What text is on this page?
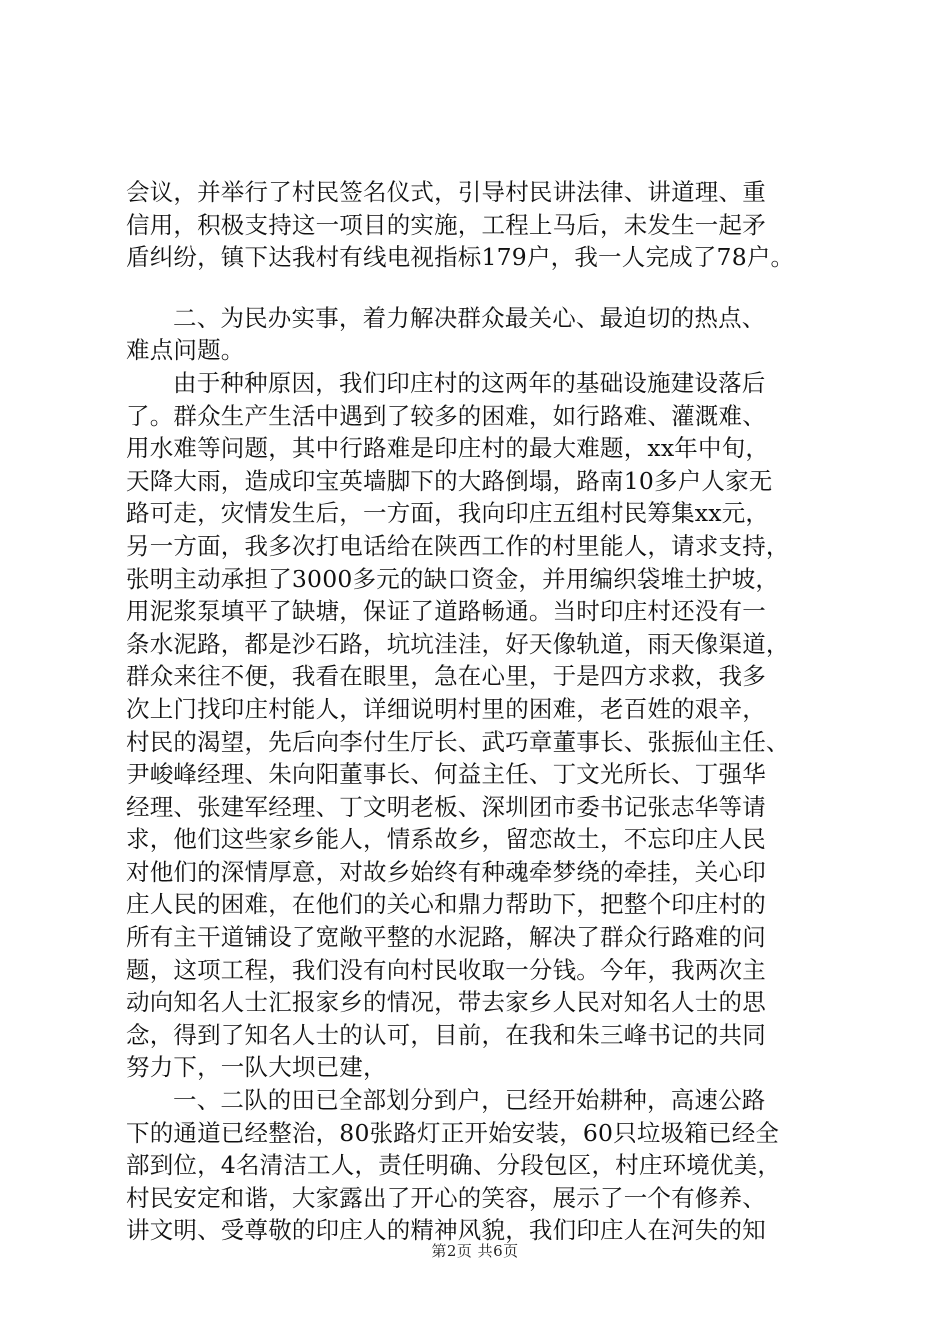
会议，并举行了村民签名仪式，引导村民讲法律、讲道理、重
信用，积极支持这一项目的实施，工程上马后，未发生一起矛
盾纠纷，镇下达我村有线电视指标179户，我一人完成了78户。
二、为民办实事，着力解决群众最关心、最迫切的热点、
难点问题。
由于种种原因，我们印庄村的这两年的基础设施建设落后
了。群众生产生活中遇到了较多的困难，如行路难、灌溉难、
用水难等问题，其中行路难是印庄村的最大难题，xx年中旬，
天降大雨，造成印宝英墙脚下的大路倒塌，路南10多户人家无
路可走，灾情发生后，一方面，我向印庄五组村民筹集xx元，
另一方面，我多次打电话给在陕西工作的村里能人，请求支持，
张明主动承担了3000多元的缺口资金，并用编织袋堆土护坡，
用泥浆泵填平了缺塘，保证了道路畅通。当时印庄村还没有一
条水泥路，都是沙石路，坑坑洼洼，好天像轨道，雨天像渠道，
群众来往不便，我看在眼里，急在心里，于是四方求救，我多
次上门找印庄村能人，详细说明村里的困难，老百姓的艰辛，
村民的渴望，先后向李付生厅长、武巧章董事长、张振仙主任、
尹峻峰经理、朱向阳董事长、何益主任、丁文光所长、丁强华
经理、张建军经理、丁文明老板、深圳团市委书记张志华等请
求，他们这些家乡能人，情系故乡，留恋故土，不忘印庄人民
对他们的深情厚意，对故乡始终有种魂牵梦绕的牵挂，关心印
庄人民的困难，在他们的关心和鼎力帮助下，把整个印庄村的
所有主干道铺设了宽敞平整的水泥路，解决了群众行路难的问
题，这项工程，我们没有向村民收取一分钱。今年，我两次主
动向知名人士汇报家乡的情况，带去家乡人民对知名人士的思
念，得到了知名人士的认可，目前，在我和朱三峰书记的共同
努力下，一队大坝已建，
一、二队的田已全部划分到户，已经开始耕种，高速公路
下的通道已经整治，80张路灯正开始安装，60只垃圾箱已经全
部到位，4名清洁工人，责任明确、分段包区，村庄环境优美，
村民安定和谐，大家露出了开心的笑容，展示了一个有修养、
讲文明、受尊敬的印庄人的精神风貌，我们印庄人在河失的知
第2页 共6页
